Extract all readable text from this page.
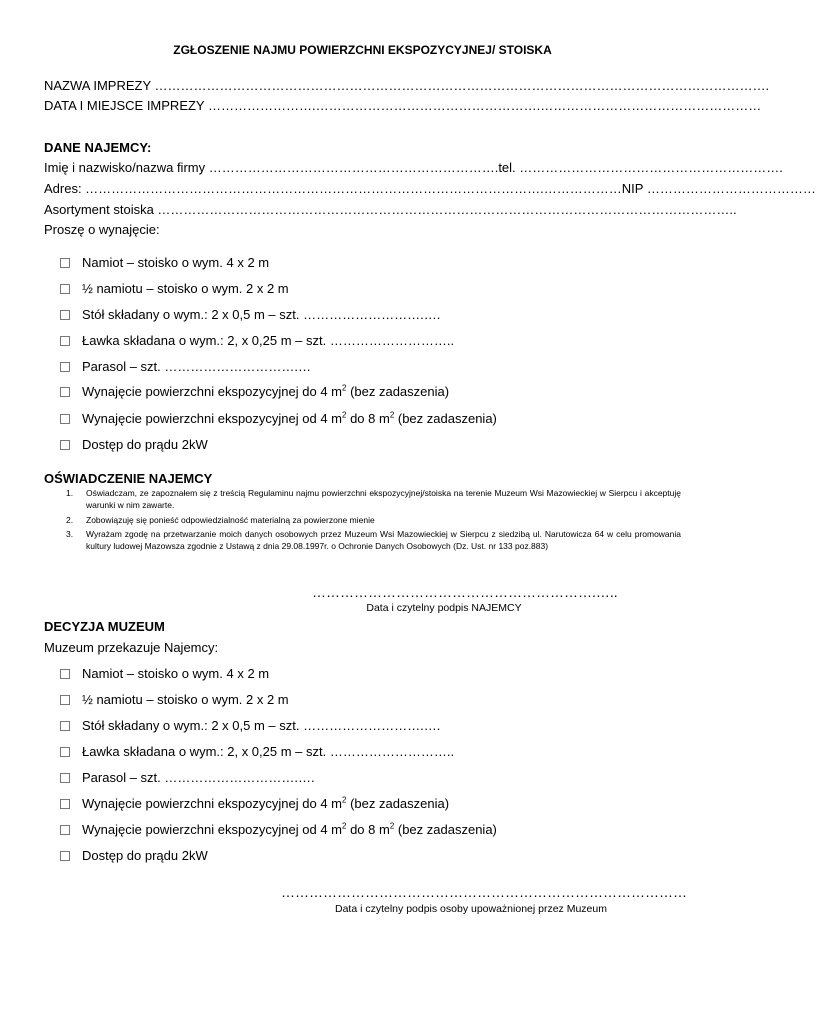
ZGŁOSZENIE NAJMU POWIERZCHNI EKSPOZYCYJNEJ/ STOISKA
NAZWA IMPREZY …………………………………………………………………………………………………………………………….
DATA I MIEJSCE IMPREZY …………………….…………………………………………….……………………………………………
DANE NAJEMCY:
Imię i nazwisko/nazwa firmy ………………………………………………………….tel. …………………………………………………….
Adres: …………………………………………………………………………………………….………………NIP …………………………………
Asortyment stoiska ……………………………………………………………………………………………………………………..
Proszę o wynajęcie:
Namiot – stoisko o wym. 4 x 2 m
½ namiotu – stoisko o wym. 2 x 2 m
Stół składany o wym.: 2 x 0,5 m – szt. ……………………….….
Ławka składana o wym.: 2, x 0,25 m – szt. ………………………..
Parasol – szt. ………………………….…
Wynajęcie powierzchni ekspozycyjnej do 4 $m^2$ (bez zadaszenia)
Wynajęcie powierzchni ekspozycyjnej od 4 $m^2$ do 8 $m^2$ (bez zadaszenia)
Dostęp do prądu 2kW
OŚWIADCZENIE NAJEMCY
1. Oświadczam, ze zapoznałem się z treścią Regulaminu najmu powierzchni ekspozycyjnej/stoiska na terenie Muzeum Wsi Mazowieckiej w Sierpcu i akceptuję warunki w nim zawarte.
2. Zobowiązuję się ponieść odpowiedzialność materialną za powierzone mienie
3. Wyrażam zgodę na przetwarzanie moich danych osobowych przez Muzeum Wsi Mazowieckiej w Sierpcu z siedzibą ul. Narutowicza 64 w celu promowania kultury ludowej Mazowsza zgodnie z Ustawą z dnia 29.08.1997r. o Ochronie Danych Osobowych (Dz. Ust. nr 133 poz.883)
…………………………………………………….…..
Data i czytelny podpis NAJEMCY
DECYZJA MUZEUM
Muzeum przekazuje Najemcy:
Namiot – stoisko o wym. 4 x 2 m
½ namiotu – stoisko o wym. 2 x 2 m
Stół składany o wym.: 2 x 0,5 m – szt. ……………………….….
Ławka składana o wym.: 2, x 0,25 m – szt. ………………………..
Parasol – szt. ………………………….….
Wynajęcie powierzchni ekspozycyjnej do 4 $m^2$ (bez zadaszenia)
Wynajęcie powierzchni ekspozycyjnej od 4 $m^2$ do 8 $m^2$ (bez zadaszenia)
Dostęp do prądu 2kW
……………………………………………………………………………
Data i czytelny podpis osoby upoważnionej przez Muzeum
